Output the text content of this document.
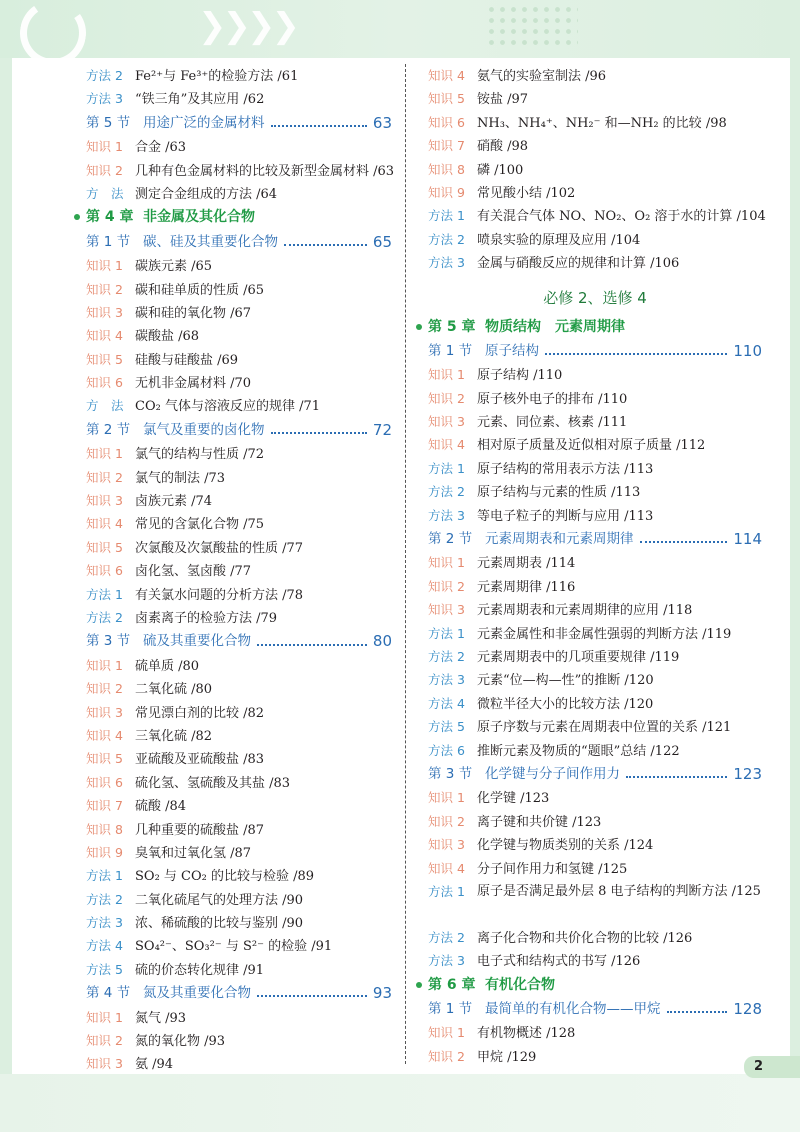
❯❯❯❯
方法 2 Fe²⁺与 Fe³⁺的检验方法 /61
方法 3 “铁三角”及其应用 /62
第 5 节 用途广泛的金属材料	63
知识 1 合金 /63
知识 2 几种有色金属材料的比较及新型金属材料 /63
方　法 测定合金组成的方法 /64
第 4 章 非金属及其化合物
第 1 节 碳、硅及其重要化合物	65
知识 1 碳族元素 /65
知识 2 碳和硅单质的性质 /65
知识 3 碳和硅的氧化物 /67
知识 4 碳酸盐 /68
知识 5 硅酸与硅酸盐 /69
知识 6 无机非金属材料 /70
方　法 CO₂ 气体与溶液反应的规律 /71
第 2 节 氯气及重要的卤化物	72
知识 1 氯气的结构与性质 /72
知识 2 氯气的制法 /73
知识 3 卤族元素 /74
知识 4 常见的含氯化合物 /75
知识 5 次氯酸及次氯酸盐的性质 /77
知识 6 卤化氢、氢卤酸 /77
方法 1 有关氯水问题的分析方法 /78
方法 2 卤素离子的检验方法 /79
第 3 节 硫及其重要化合物	80
知识 1 硫单质 /80
知识 2 二氧化硫 /80
知识 3 常见漂白剂的比较 /82
知识 4 三氧化硫 /82
知识 5 亚硫酸及亚硫酸盐 /83
知识 6 硫化氢、氢硫酸及其盐 /83
知识 7 硫酸 /84
知识 8 几种重要的硫酸盐 /87
知识 9 臭氧和过氧化氢 /87
方法 1 SO₂ 与 CO₂ 的比较与检验 /89
方法 2 二氧化硫尾气的处理方法 /90
方法 3 浓、稀硫酸的比较与鉴别 /90
方法 4 SO₄²⁻、SO₃²⁻ 与 S²⁻ 的检验 /91
方法 5 硫的价态转化规律 /91
第 4 节 氮及其重要化合物	93
知识 1 氮气 /93
知识 2 氮的氧化物 /93
知识 3 氨 /94
知识 4 氨气的实验室制法 /96
知识 5 铵盐 /97
知识 6 NH₃、NH₄⁺、NH₂⁻ 和—NH₂ 的比较 /98
知识 7 硝酸 /98
知识 8 磷 /100
知识 9 常见酸小结 /102
方法 1 有关混合气体 NO、NO₂、O₂ 溶于水的计算 /104
方法 2 喷泉实验的原理及应用 /104
方法 3 金属与硝酸反应的规律和计算 /106
必修 2、选修 4
第 5 章 物质结构　元素周期律
第 1 节 原子结构	110
知识 1 原子结构 /110
知识 2 原子核外电子的排布 /110
知识 3 元素、同位素、核素 /111
知识 4 相对原子质量及近似相对原子质量 /112
方法 1 原子结构的常用表示方法 /113
方法 2 原子结构与元素的性质 /113
方法 3 等电子粒子的判断与应用 /113
第 2 节 元素周期表和元素周期律	114
知识 1 元素周期表 /114
知识 2 元素周期律 /116
知识 3 元素周期表和元素周期律的应用 /118
方法 1 元素金属性和非金属性强弱的判断方法 /119
方法 2 元素周期表中的几项重要规律 /119
方法 3 元素“位—构—性”的推断 /120
方法 4 微粒半径大小的比较方法 /120
方法 5 原子序数与元素在周期表中位置的关系 /121
方法 6 推断元素及物质的“题眼”总结 /122
第 3 节 化学键与分子间作用力	123
知识 1 化学键 /123
知识 2 离子键和共价键 /123
知识 3 化学键与物质类别的关系 /124
知识 4 分子间作用力和氢键 /125
方法 1 原子是否满足最外层 8 电子结构的判断方法 /125
方法 2 离子化合物和共价化合物的比较 /126
方法 3 电子式和结构式的书写 /126
第 6 章 有机化合物
第 1 节 最简单的有机化合物——甲烷	128
知识 1 有机物概述 /128
知识 2 甲烷 /129
2
